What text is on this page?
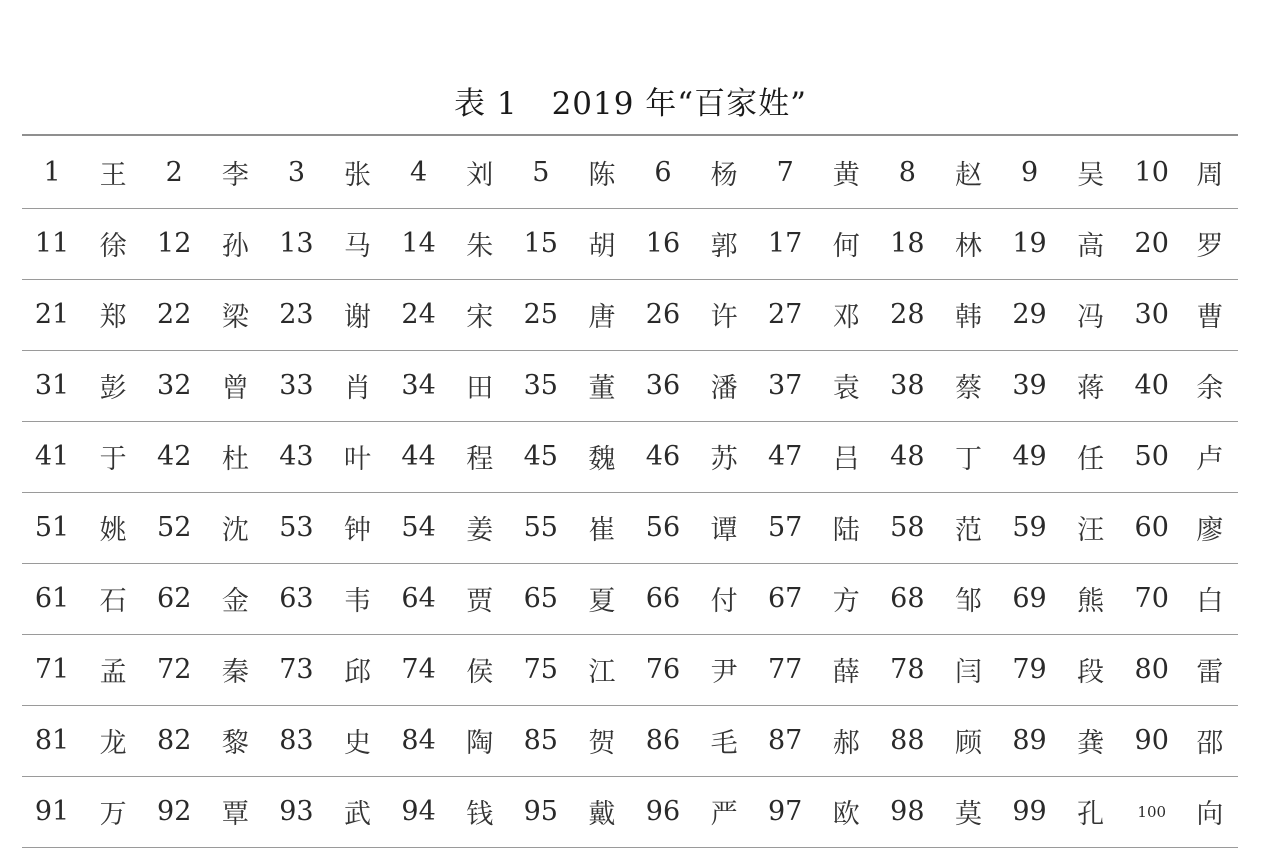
表 1 2019 年“百家姓”
1	王	2	李	3	张	4	刘	5	陈	6	杨	7	黄	8	赵	9	吴	10	周
11	徐	12	孙	13	马	14	朱	15	胡	16	郭	17	何	18	林	19	高	20	罗
21	郑	22	梁	23	谢	24	宋	25	唐	26	许	27	邓	28	韩	29	冯	30	曹
31	彭	32	曾	33	肖	34	田	35	董	36	潘	37	袁	38	蔡	39	蒋	40	余
41	于	42	杜	43	叶	44	程	45	魏	46	苏	47	吕	48	丁	49	任	50	卢
51	姚	52	沈	53	钟	54	姜	55	崔	56	谭	57	陆	58	范	59	汪	60	廖
61	石	62	金	63	韦	64	贾	65	夏	66	付	67	方	68	邹	69	熊	70	白
71	孟	72	秦	73	邱	74	侯	75	江	76	尹	77	薛	78	闫	79	段	80	雷
81	龙	82	黎	83	史	84	陶	85	贺	86	毛	87	郝	88	顾	89	龚	90	邵
91	万	92	覃	93	武	94	钱	95	戴	96	严	97	欧	98	莫	99	孔	100	向
